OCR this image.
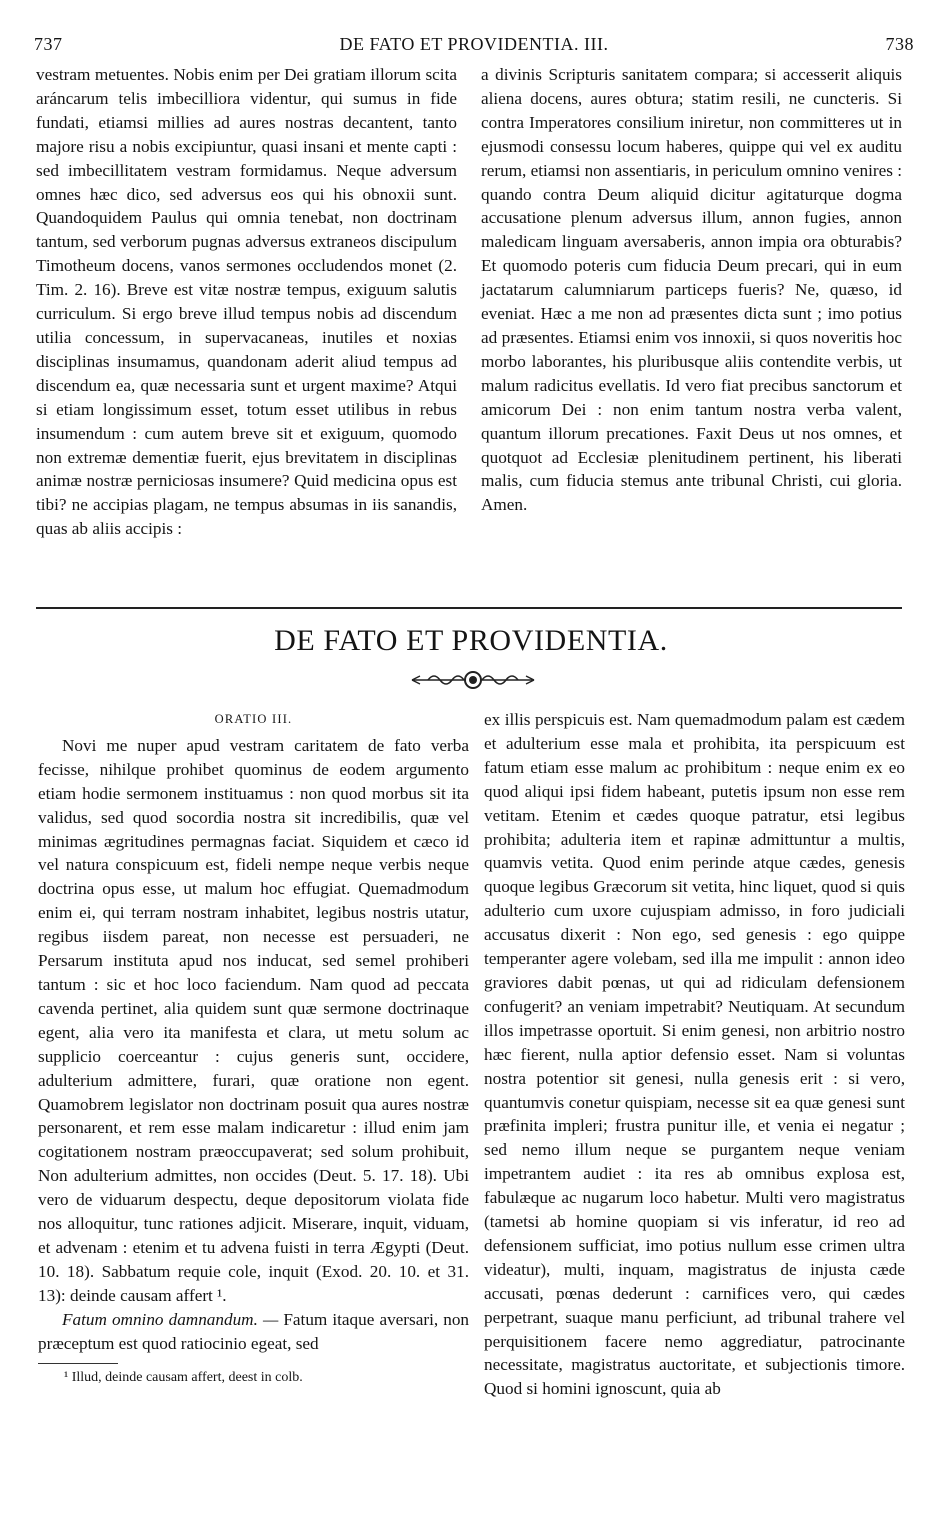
737	DE FATO ET PROVIDENTIA. III.	738

vestram metuentes. Nobis enim per Dei gratiam illorum scita aráncarum telis imbecilliora videntur, qui sumus in fide fundati, etiamsi millies ad aures nostras decantent, tanto majore risu a nobis excipiuntur, quasi insani et mente capti : sed imbecillitatem vestram formidamus. Neque adversum omnes hæc dico, sed adversus eos qui his obnoxii sunt. Quandoquidem Paulus qui omnia tenebat, non doctrinam tantum, sed verborum pugnas adversus extraneos discipulum Timotheum docens, vanos sermones occludendos monet (2. Tim. 2. 16). Breve est vitæ nostræ tempus, exiguum salutis curriculum. Si ergo breve illud tempus nobis ad discendum utilia concessum, in supervacaneas, inutiles et noxias disciplinas insumamus, quandonam aderit aliud tempus ad discendum ea, quæ necessaria sunt et urgent maxime? Atqui si etiam longissimum esset, totum esset utilibus in rebus insumendum : cum autem breve sit et exiguum, quomodo non extremæ dementiæ fuerit, ejus brevitatem in disciplinas animæ nostræ perniciosas insumere? Quid medicina opus est tibi? ne accipias plagam, ne tempus absumas in iis sanandis, quas ab aliis accipis :

a divinis Scripturis sanitatem compara; si accesserit aliquis aliena docens, aures obtura; statim resili, ne cuncteris. Si contra Imperatores consilium iniretur, non committeres ut in ejusmodi consessu locum haberes, quippe qui vel ex auditu rerum, etiamsi non assentiaris, in periculum omnino venires : quando contra Deum aliquid dicitur agitaturque dogma accusatione plenum adversus illum, annon fugies, annon maledicam linguam aversaberis, annon impia ora obturabis? Et quomodo poteris cum fiducia Deum precari, qui in eum jactatarum calumniarum particeps fueris? Ne, quæso, id eveniat. Hæc a me non ad præsentes dicta sunt ; imo potius ad præsentes. Etiamsi enim vos innoxii, si quos noveritis hoc morbo laborantes, his pluribusque aliis contendite verbis, ut malum radicitus evellatis. Id vero fiat precibus sanctorum et amicorum Dei : non enim tantum nostra verba valent, quantum illorum precationes. Faxit Deus ut nos omnes, et quotquot ad Ecclesiæ plenitudinem pertinent, his liberati malis, cum fiducia stemus ante tribunal Christi, cui gloria. Amen.

DE FATO ET PROVIDENTIA.

ORATIO III.

Novi me nuper apud vestram caritatem de fato verba fecisse, nihilque prohibet quominus de eodem argumento etiam hodie sermonem instituamus : non quod morbus sit ita validus, sed quod socordia nostra sit incredibilis, quæ vel minimas ægritudines permagnas faciat. Siquidem et cæco id vel natura conspicuum est, fideli nempe neque verbis neque doctrina opus esse, ut malum hoc effugiat. Quemadmodum enim ei, qui terram nostram inhabitet, legibus nostris utatur, regibus iisdem pareat, non necesse est persuaderi, ne Persarum instituta apud nos inducat, sed semel prohiberi tantum : sic et hoc loco faciendum. Nam quod ad peccata cavenda pertinet, alia quidem sunt quæ sermone doctrinaque egent, alia vero ita manifesta et clara, ut metu solum ac supplicio coerceantur : cujus generis sunt, occidere, adulterium admittere, furari, quæ oratione non egent. Quamobrem legislator non doctrinam posuit qua aures nostræ personarent, et rem esse malam indicaretur : illud enim jam cogitationem nostram præoccupaverat; sed solum prohibuit, Non adulterium admittes, non occides (Deut. 5. 17. 18). Ubi vero de viduarum despectu, deque depositorum violata fide nos alloquitur, tunc rationes adjicit. Miserare, inquit, viduam, et advenam : etenim et tu advena fuisti in terra Ægypti (Deut. 10. 18). Sabbatum requie cole, inquit (Exod. 20. 10. et 31. 13): deinde causam affert ¹.

Fatum omnino damnandum. — Fatum itaque aversari, non præceptum est quod ratiocinio egeat, sed

¹ Illud, deinde causam affert, deest in colb.

ex illis perspicuis est. Nam quemadmodum palam est cædem et adulterium esse mala et prohibita, ita perspicuum est fatum etiam esse malum ac prohibitum : neque enim ex eo quod aliqui ipsi fidem habeant, putetis ipsum non esse rem vetitam. Etenim et cædes quoque patratur, etsi legibus prohibita; adulteria item et rapinæ admittuntur a multis, quamvis vetita. Quod enim perinde atque cædes, genesis quoque legibus Græcorum sit vetita, hinc liquet, quod si quis adulterio cum uxore cujuspiam admisso, in foro judiciali accusatus dixerit : Non ego, sed genesis : ego quippe temperanter agere volebam, sed illa me impulit : annon ideo graviores dabit pœnas, ut qui ad ridiculam defensionem confugerit? an veniam impetrabit? Neutiquam. At secundum illos impetrasse oportuit. Si enim genesi, non arbitrio nostro hæc fierent, nulla aptior defensio esset. Nam si voluntas nostra potentior sit genesi, nulla genesis erit : si vero, quantumvis conetur quispiam, necesse sit ea quæ genesi sunt præfinita impleri; frustra punitur ille, et venia ei negatur ; sed nemo illum neque se purgantem neque veniam impetrantem audiet : ita res ab omnibus explosa est, fabulæque ac nugarum loco habetur. Multi vero magistratus (tametsi ab homine quopiam si vis inferatur, id reo ad defensionem sufficiat, imo potius nullum esse crimen ultra videatur), multi, inquam, magistratus de injusta cæde accusati, pœnas dederunt : carnifices vero, qui cædes perpetrant, suaque manu perficiunt, ad tribunal trahere vel perquisitionem facere nemo aggrediatur, patrocinante necessitate, magistratus auctoritate, et subjectionis timore. Quod si homini ignoscunt, quia ab
